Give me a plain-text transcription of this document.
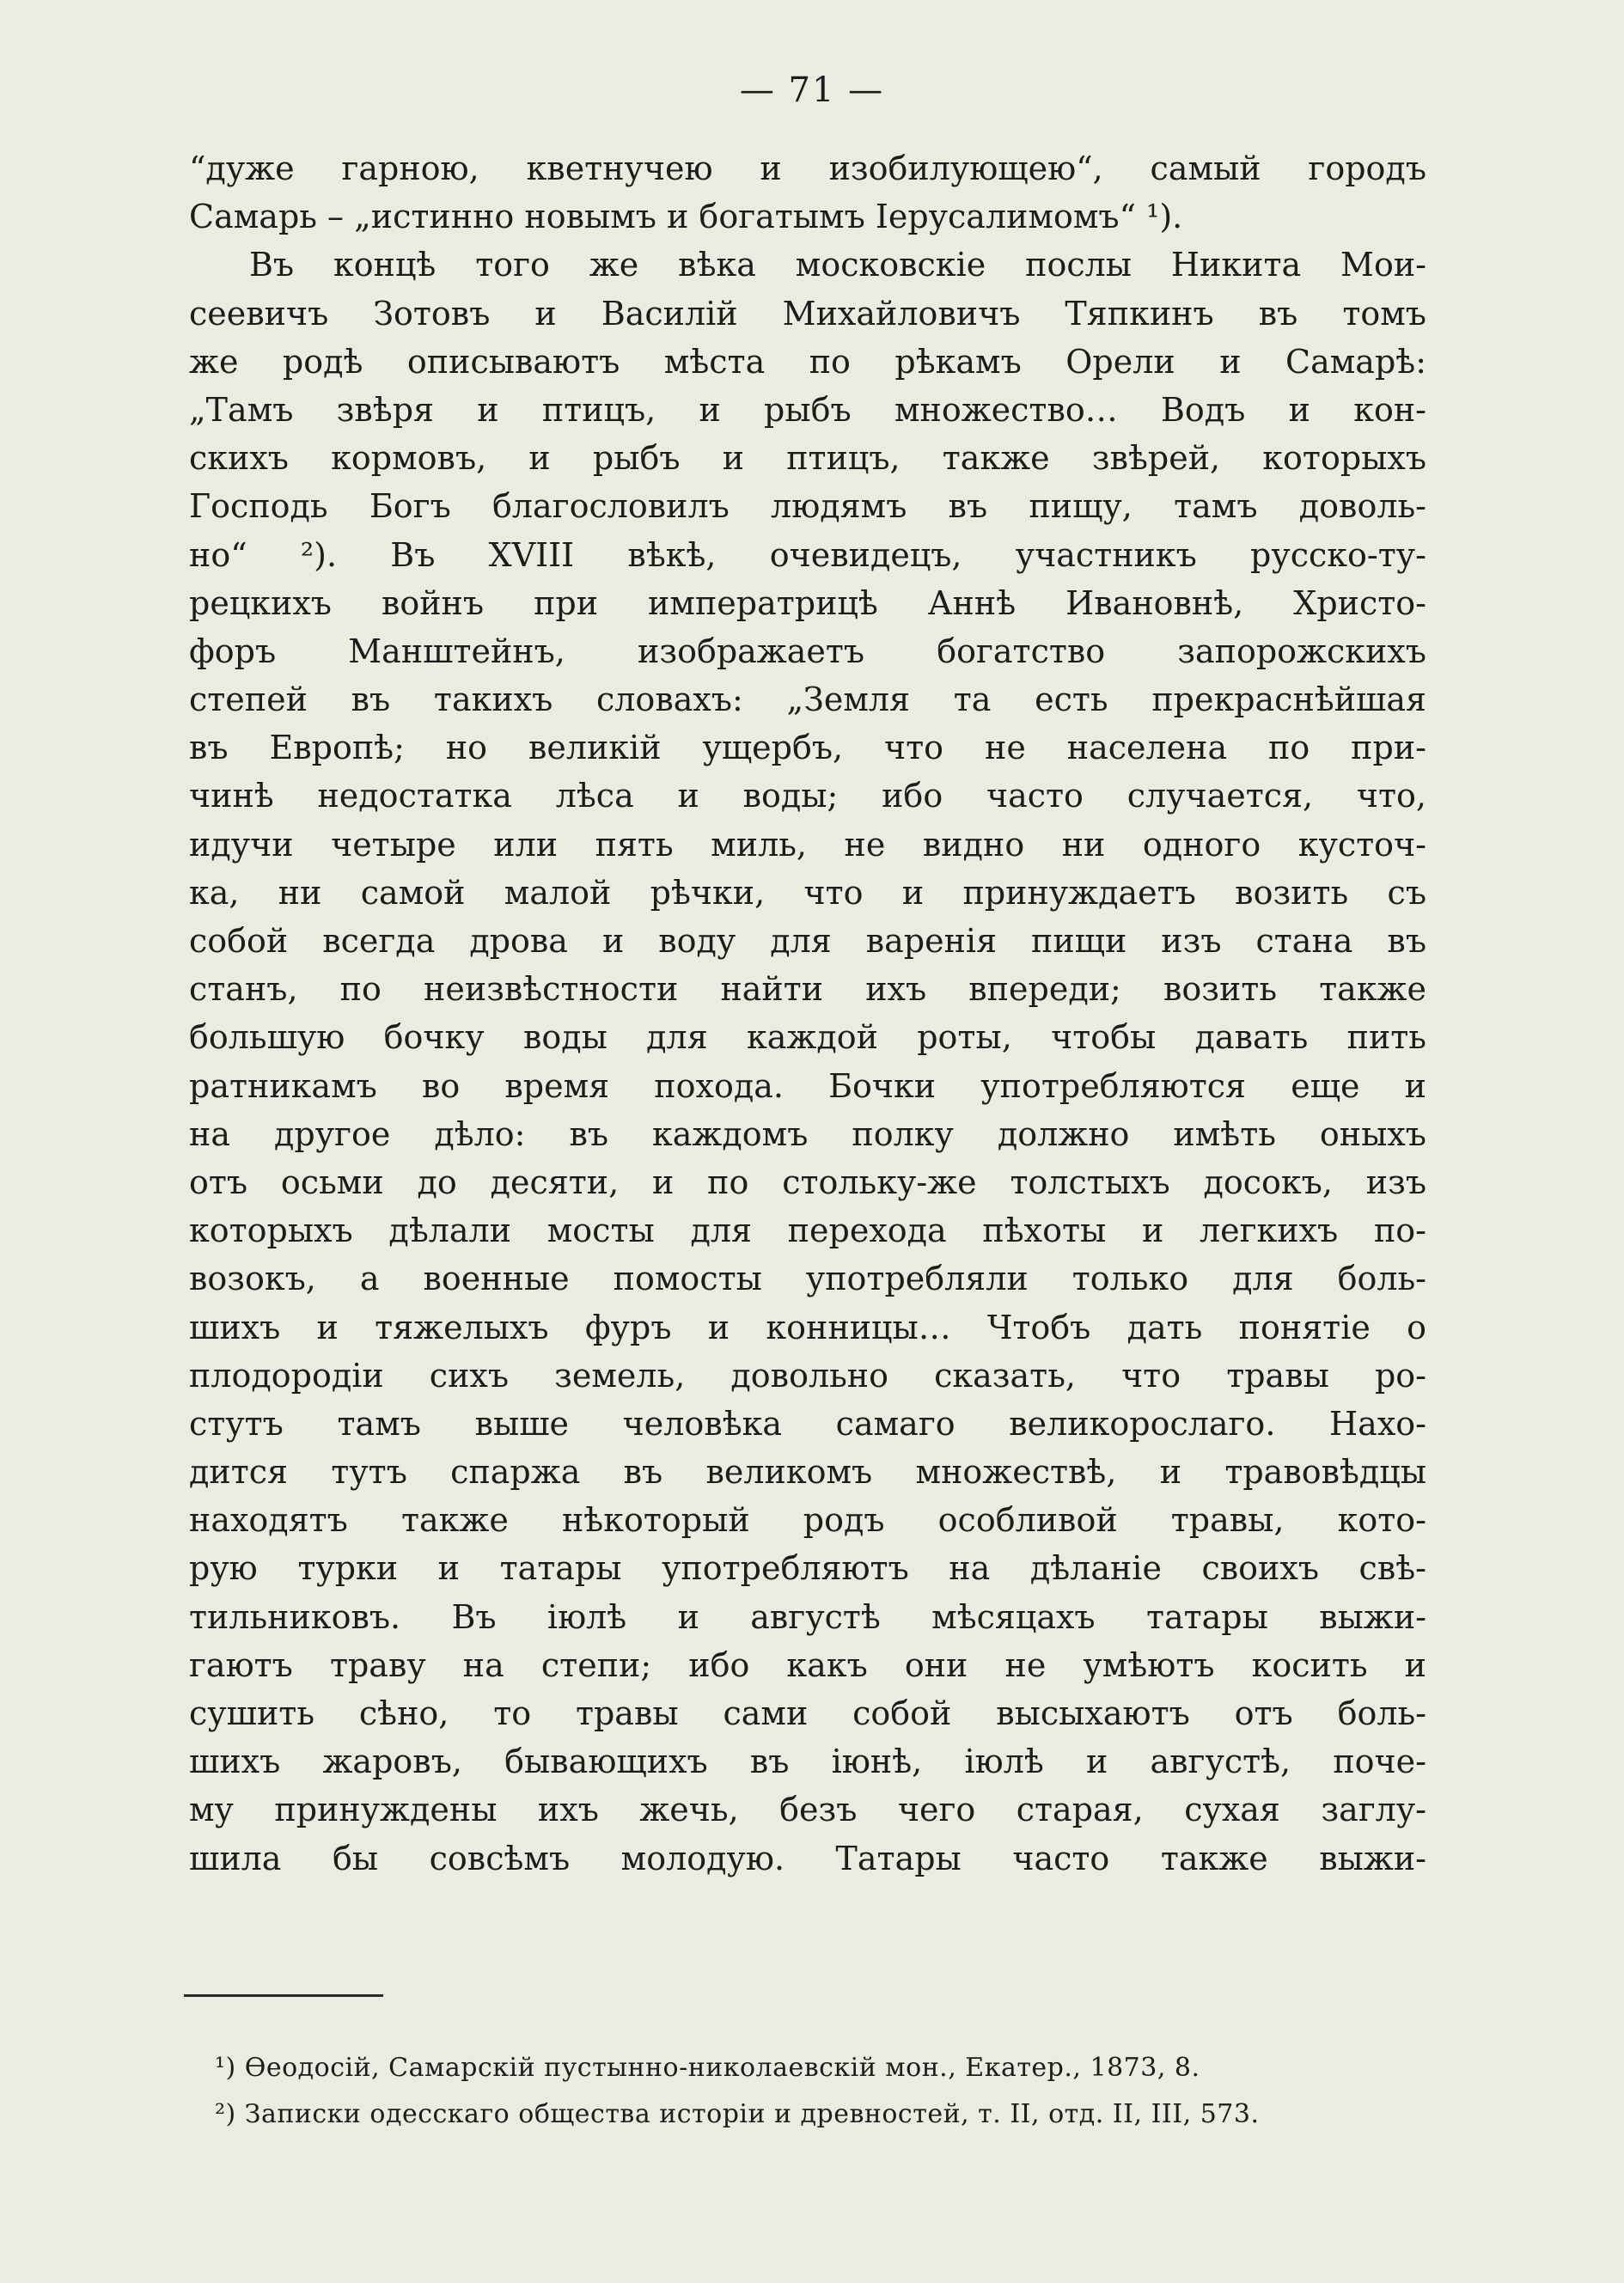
— 71 —
“дуже гарною, кветнучею и изобилующею“, самый городъ
Самарь – „истинно новымъ и богатымъ Іерусалимомъ“ ¹).
Въ концѣ того же вѣка московскіе послы Никита Мои-
сеевичъ Зотовъ и Василій Михайловичъ Тяпкинъ въ томъ
же родѣ описываютъ мѣста по рѣкамъ Орели и Самарѣ:
„Тамъ звѣря и птицъ, и рыбъ множество… Водъ и кон-
скихъ кормовъ, и рыбъ и птицъ, также звѣрей, которыхъ
Господь Богъ благословилъ людямъ въ пищу, тамъ доволь-
но“ ²). Въ XVIII вѣкѣ, очевидецъ, участникъ русско-ту-
рецкихъ войнъ при императрицѣ Аннѣ Ивановнѣ, Христо-
форъ Манштейнъ, изображаетъ богатство запорожскихъ
степей въ такихъ словахъ: „Земля та есть прекраснѣйшая
въ Европѣ; но великій ущербъ, что не населена по при-
чинѣ недостатка лѣса и воды; ибо часто случается, что,
идучи четыре или пять миль, не видно ни одного кусточ-
ка, ни самой малой рѣчки, что и принуждаетъ возить съ
собой всегда дрова и воду для варенія пищи изъ стана въ
станъ, по неизвѣстности найти ихъ впереди; возить также
большую бочку воды для каждой роты, чтобы давать пить
ратникамъ во время похода. Бочки употребляются еще и
на другое дѣло: въ каждомъ полку должно имѣть оныхъ
отъ осьми до десяти, и по стольку-же толстыхъ досокъ, изъ
которыхъ дѣлали мосты для перехода пѣхоты и легкихъ по-
возокъ, а военные помосты употребляли только для боль-
шихъ и тяжелыхъ фуръ и конницы… Чтобъ дать понятіе о
плодородіи сихъ земель, довольно сказать, что травы ро-
стутъ тамъ выше человѣка самаго великорослаго. Нахо-
дится тутъ спаржа въ великомъ множествѣ, и травовѣдцы
находятъ также нѣкоторый родъ особливой травы, кото-
рую турки и татары употребляютъ на дѣланіе своихъ свѣ-
тильниковъ. Въ іюлѣ и августѣ мѣсяцахъ татары выжи-
гаютъ траву на степи; ибо какъ они не умѣютъ косить и
сушить сѣно, то травы сами собой высыхаютъ отъ боль-
шихъ жаровъ, бывающихъ въ іюнѣ, іюлѣ и августѣ, поче-
му принуждены ихъ жечь, безъ чего старая, сухая заглу-
шила бы совсѣмъ молодую. Татары часто также выжи-
¹) Ѳеодосій, Самарскій пустынно-николаевскій мон., Екатер., 1873, 8.
²) Записки одесскаго общества исторіи и древностей, т. II, отд. II, III, 573.
